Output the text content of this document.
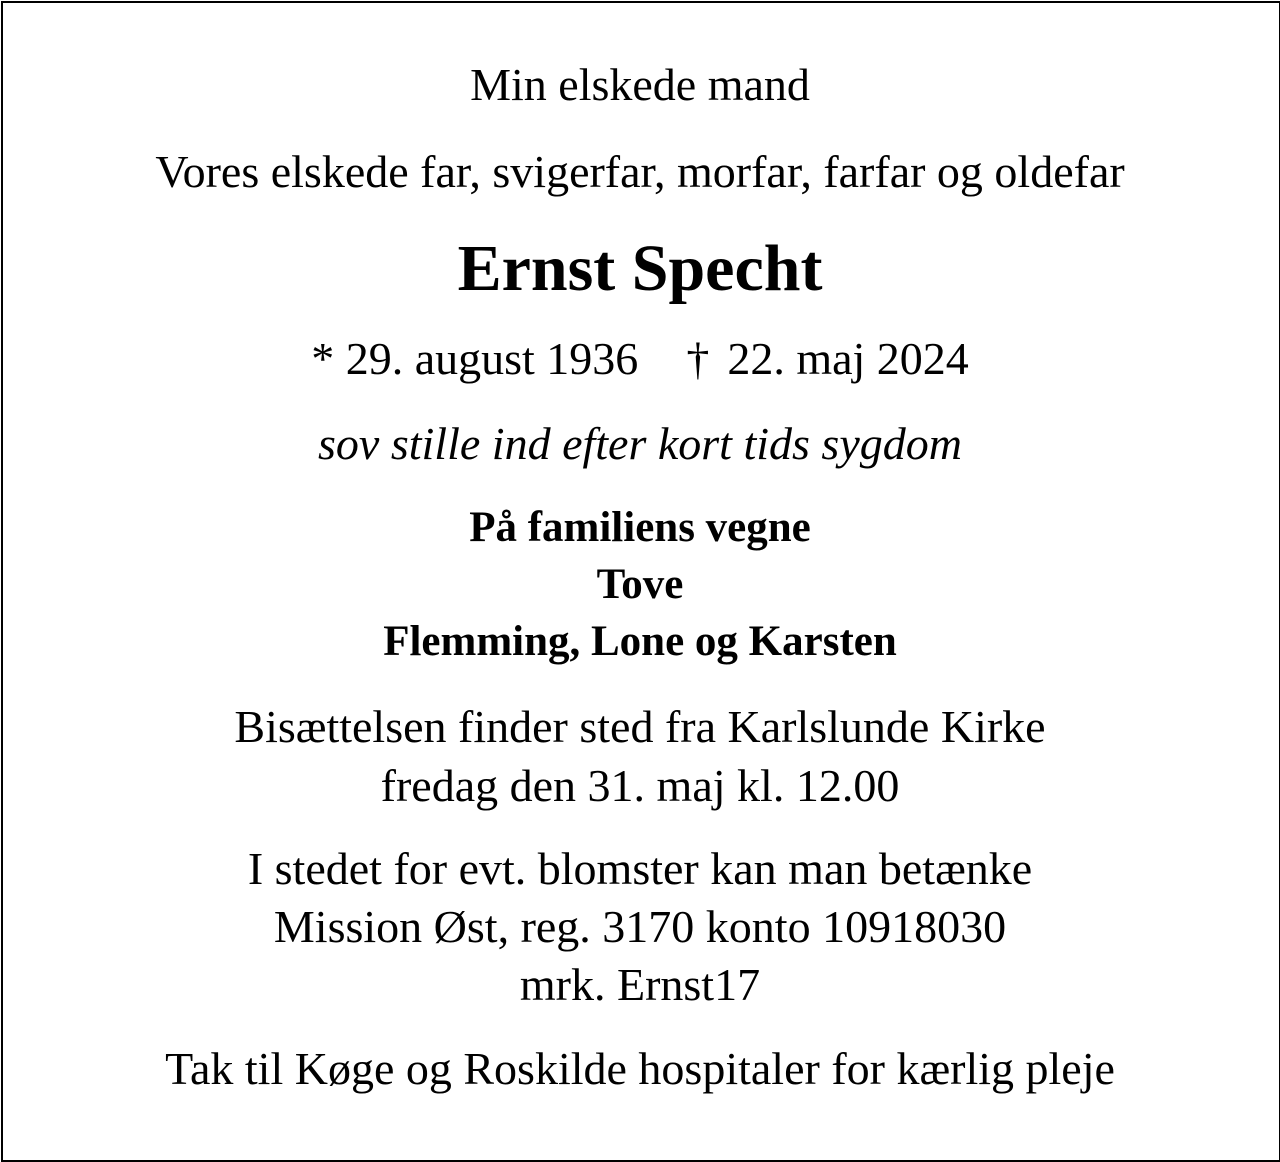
Min elskede mand
Vores elskede far, svigerfar, morfar, farfar og oldefar
Ernst Specht
* 29. august 1936 † 22. maj 2024
sov stille ind efter kort tids sygdom
På familiens vegne
Tove
Flemming, Lone og Karsten
Bisættelsen finder sted fra Karlslunde Kirke
fredag den 31. maj kl. 12.00
I stedet for evt. blomster kan man betænke
Mission Øst, reg. 3170 konto 10918030
mrk. Ernst17
Tak til Køge og Roskilde hospitaler for kærlig pleje
